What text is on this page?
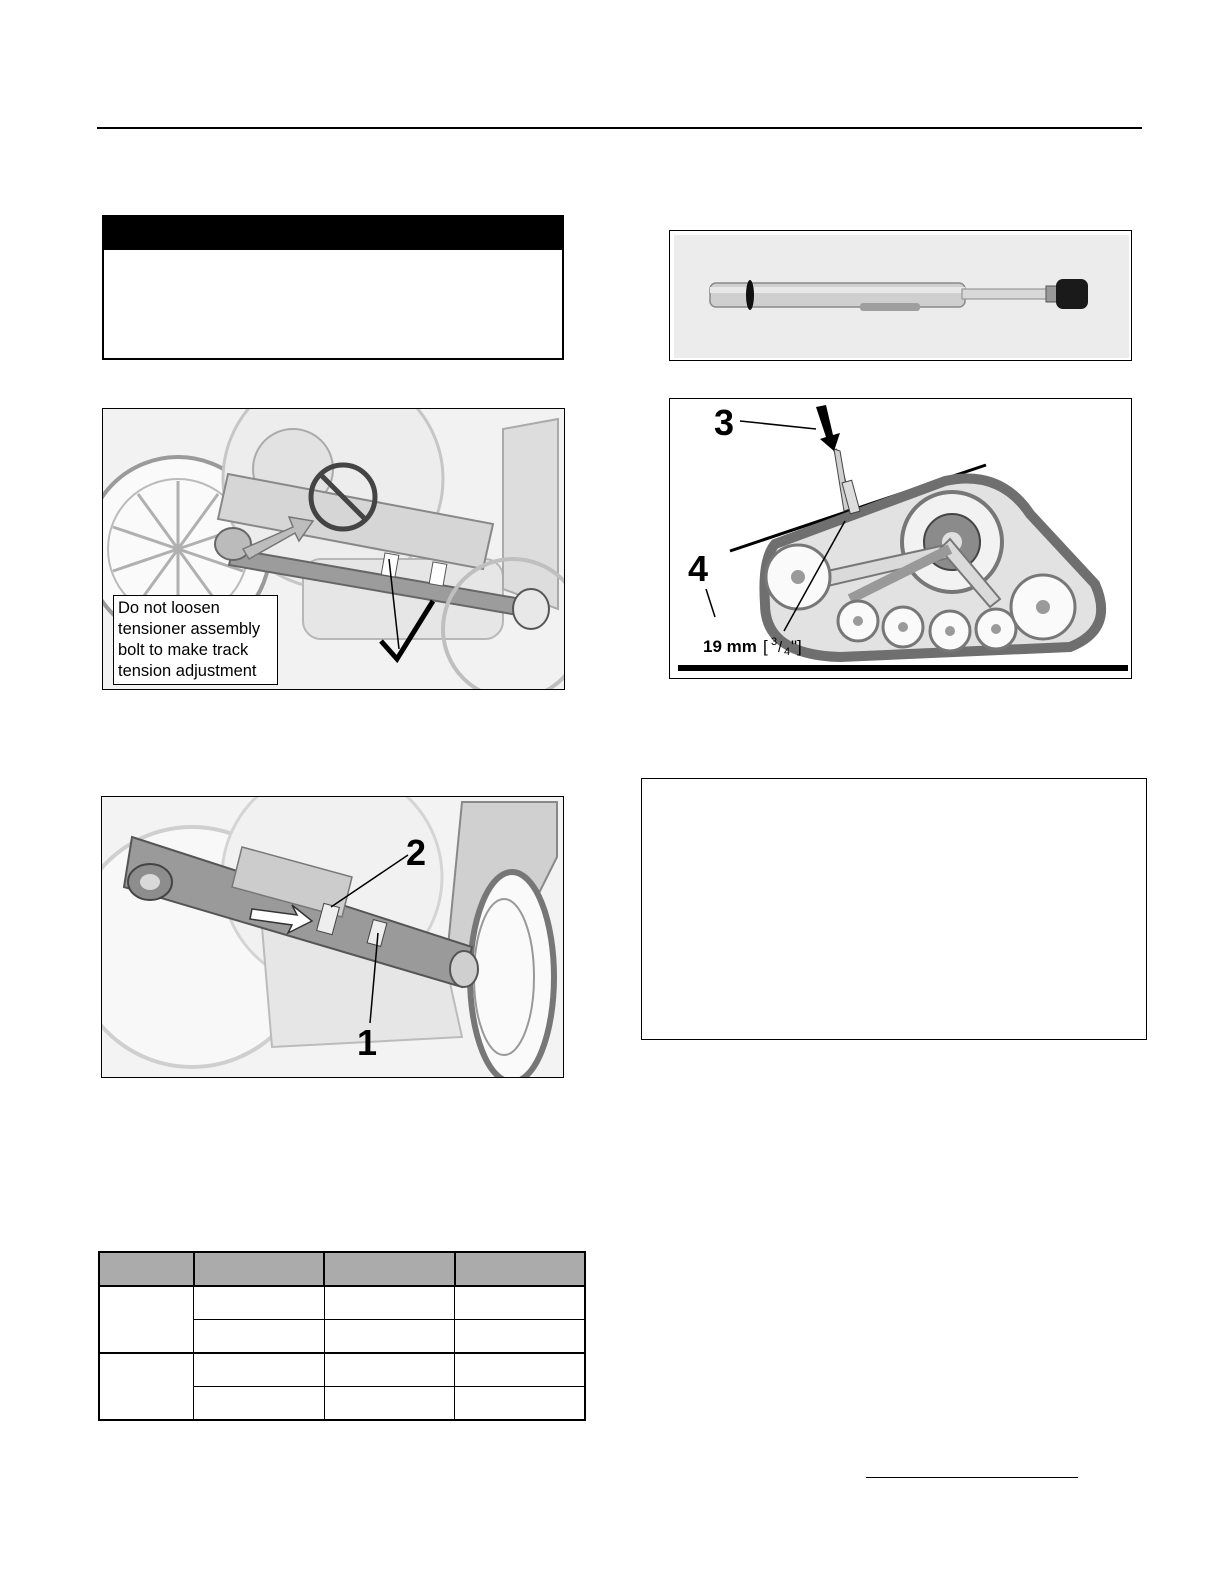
Do not loosen
tensioner assembly
bolt to make track
tension adjustment
2
1
3
4
19 mm [ 3 / 4 "]
